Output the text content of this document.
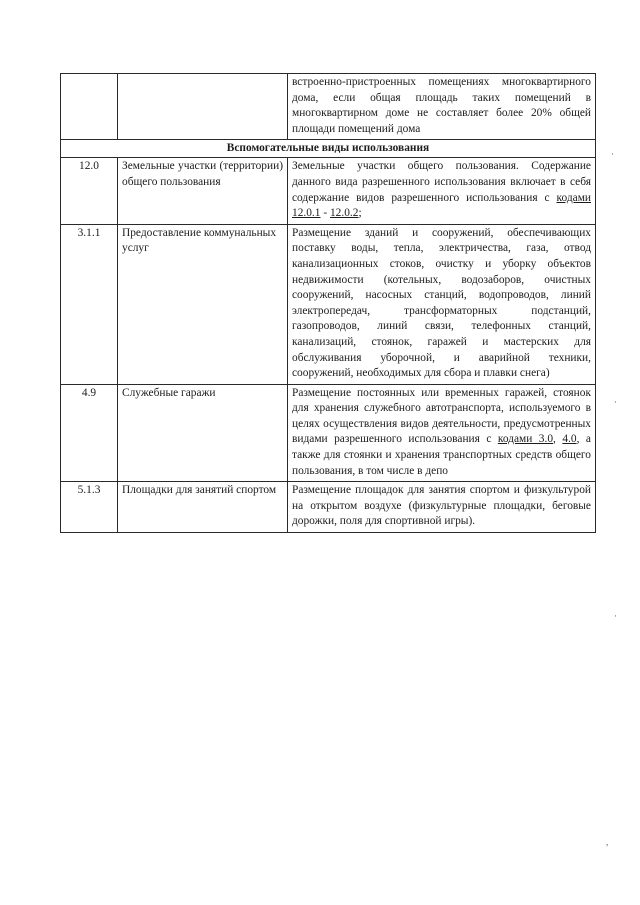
		встроенно-пристроенных помещениях многоквартирного дома, если общая площадь таких помещений в многоквартирном доме не составляет более 20% общей площади помещений дома
Вспомогательные виды использования		
12.0	Земельные участки (территории) общего пользования	Земельные участки общего пользования. Содержание данного вида разрешенного использования включает в себя содержание видов разрешенного использования с кодами 12.0.1 - 12.0.2;
3.1.1	Предоставление коммунальных услуг	Размещение зданий и сооружений, обеспечивающих поставку воды, тепла, электричества, газа, отвод канализационных стоков, очистку и уборку объектов недвижимости (котельных, водозаборов, очистных сооружений, насосных станций, водопроводов, линий электропередач, трансформаторных подстанций, газопроводов, линий связи, телефонных станций, канализаций, стоянок, гаражей и мастерских для обслуживания уборочной, и аварийной техники, сооружений, необходимых для сбора и плавки снега)
4.9	Служебные гаражи	Размещение постоянных или временных гаражей, стоянок для хранения служебного автотранспорта, используемого в целях осуществления видов деятельности, предусмотренных видами разрешенного использования с кодами 3.0, 4.0, а также для стоянки и хранения транспортных средств общего пользования, в том числе в депо
5.1.3	Площадки для занятий спортом	Размещение площадок для занятия спортом и физкультурой на открытом воздухе (физкультурные площадки, беговые дорожки, поля для спортивной игры).
·
·
·
,
